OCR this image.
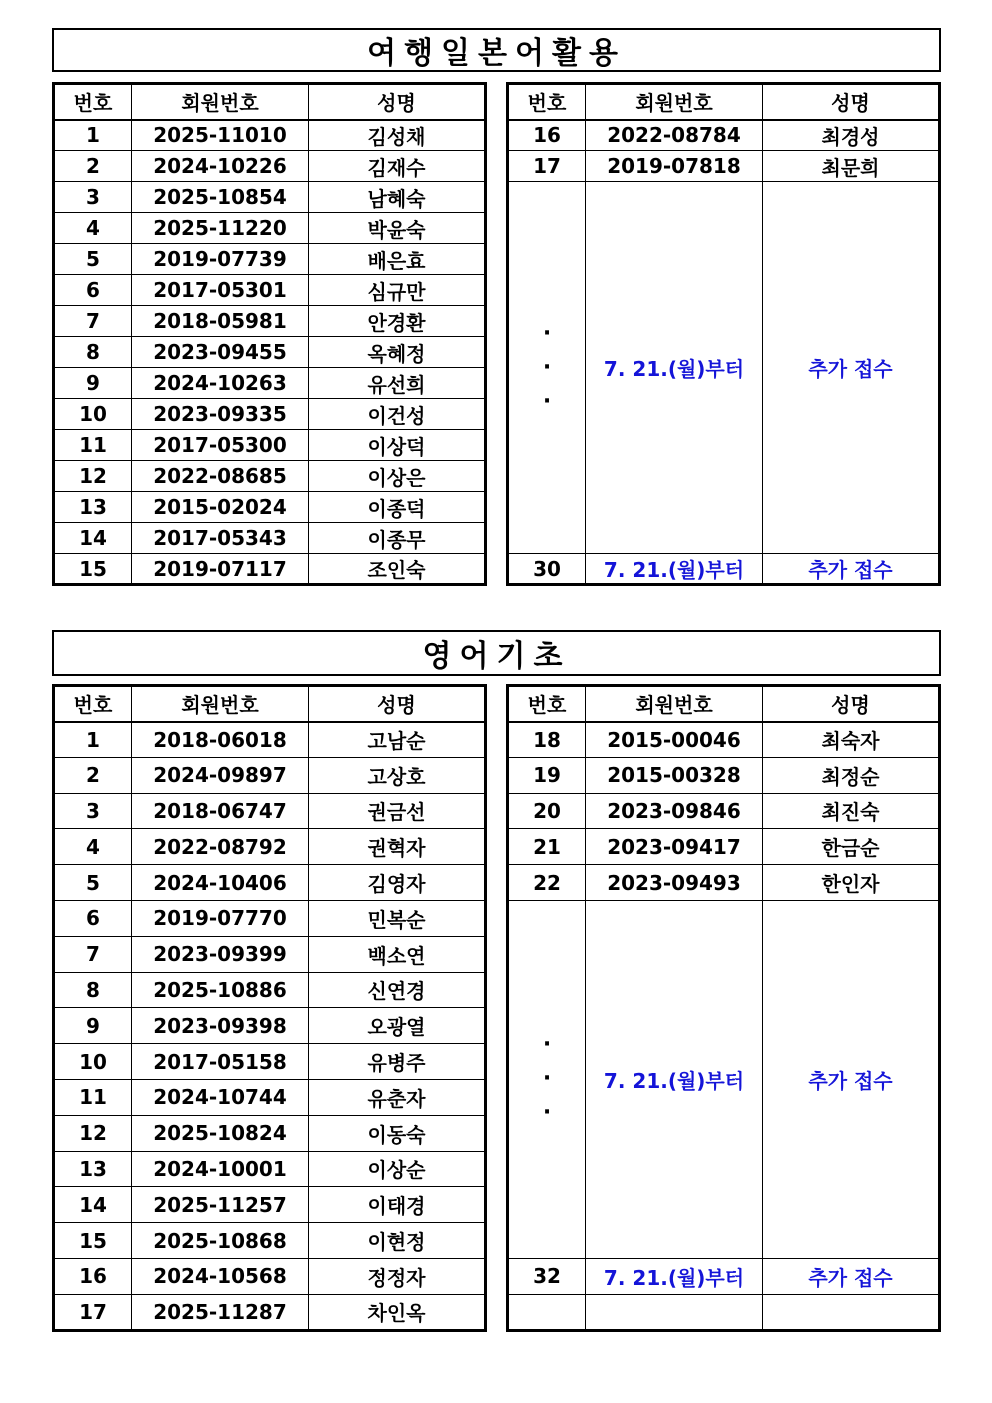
여행일본어활용
번호	회원번호	성명
1	2025-11010	김성채
2	2024-10226	김재수
3	2025-10854	남혜숙
4	2025-11220	박윤숙
5	2019-07739	배은효
6	2017-05301	심규만
7	2018-05981	안경환
8	2023-09455	옥혜정
9	2024-10263	유선희
10	2023-09335	이건성
11	2017-05300	이상덕
12	2022-08685	이상은
13	2015-02024	이종덕
14	2017-05343	이종무
15	2019-07117	조인숙
번호	회원번호	성명
16	2022-08784	최경성
17	2019-07818	최문희

·
·
·	7. 21.(월)부터	추가 접수
30	7. 21.(월)부터	추가 접수
영어기초
번호	회원번호	성명
1	2018-06018	고남순
2	2024-09897	고상호
3	2018-06747	권금선
4	2022-08792	권혁자
5	2024-10406	김영자
6	2019-07770	민복순
7	2023-09399	백소연
8	2025-10886	신연경
9	2023-09398	오광열
10	2017-05158	유병주
11	2024-10744	유춘자
12	2025-10824	이동숙
13	2024-10001	이상순
14	2025-11257	이태경
15	2025-10868	이현정
16	2024-10568	정정자
17	2025-11287	차인옥
번호	회원번호	성명
18	2015-00046	최숙자
19	2015-00328	최정순
20	2023-09846	최진숙
21	2023-09417	한금순
22	2023-09493	한인자

·
·
·	7. 21.(월)부터	추가 접수
32	7. 21.(월)부터	추가 접수
